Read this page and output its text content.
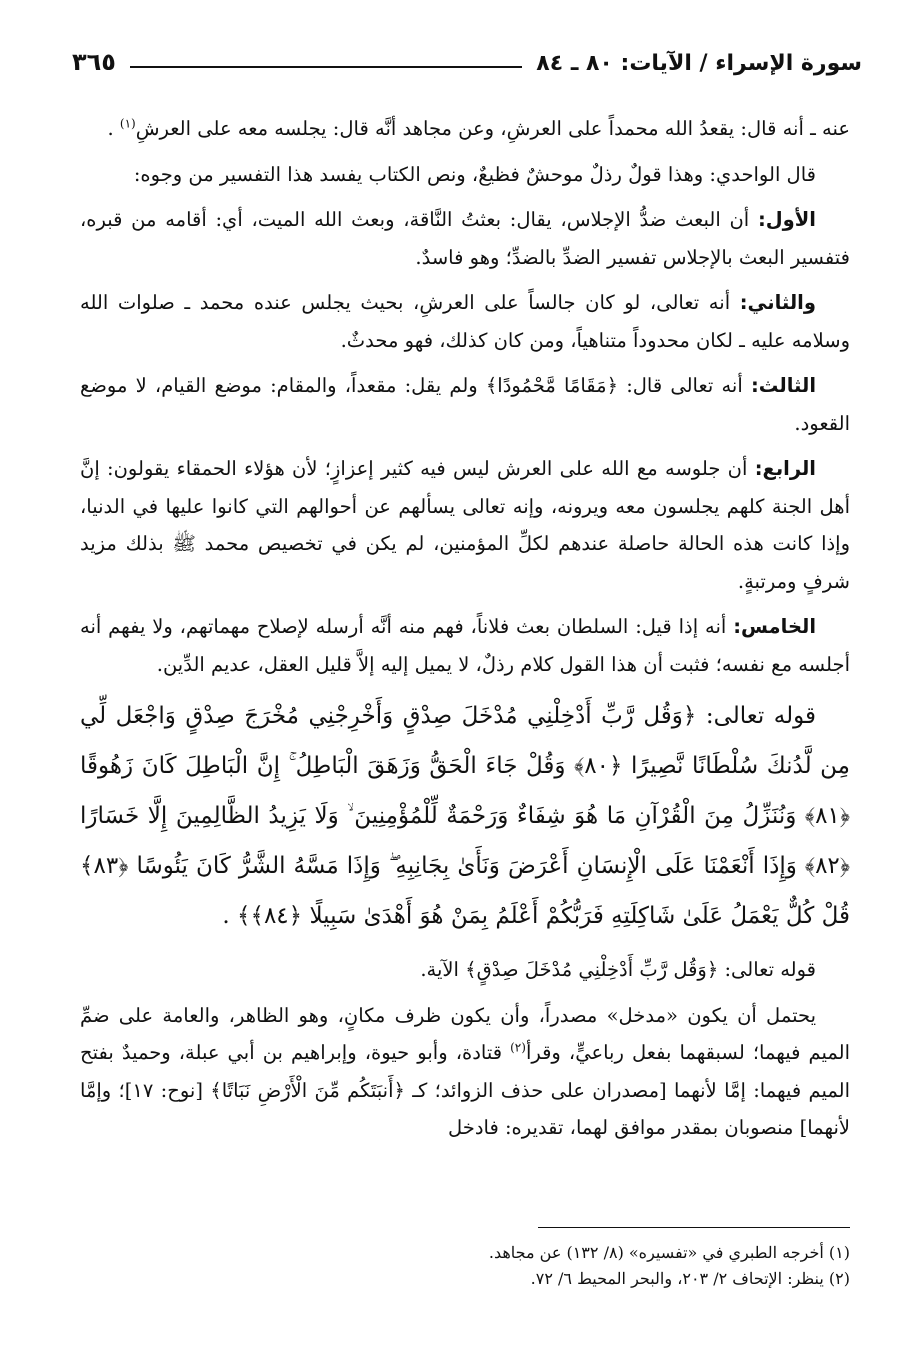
سورة الإسراء / الآيات: ٨٠ ـ ٨٤
٣٦٥

عنه ـ أنه قال: يقعدُ الله محمداً على العرشِ، وعن مجاهد أنَّه قال: يجلسه معه على العرشِ$^{(١)}$ .

قال الواحدي: وهذا قولٌ رذلٌ موحشٌ فظيعٌ، ونص الكتاب يفسد هذا التفسير من وجوه:

الأول: أن البعث ضدُّ الإجلاس، يقال: بعثتُ النَّاقة، وبعث الله الميت، أي: أقامه من قبره، فتفسير البعث بالإجلاس تفسير الضدِّ بالضدِّ؛ وهو فاسدٌ.

والثاني: أنه تعالى، لو كان جالساً على العرشِ، بحيث يجلس عنده محمد ـ صلوات الله وسلامه عليه ـ لكان محدوداً متناهياً، ومن كان كذلك، فهو محدثٌ.

الثالث: أنه تعالى قال: ﴿مَقَامًا مَّحْمُودًا﴾ ولم يقل: مقعداً، والمقام: موضع القيام، لا موضع القعود.

الرابع: أن جلوسه مع الله على العرش ليس فيه كثير إعزازٍ؛ لأن هؤلاء الحمقاء يقولون: إنَّ أهل الجنة كلهم يجلسون معه ويرونه، وإنه تعالى يسألهم عن أحوالهم التي كانوا عليها في الدنيا، وإذا كانت هذه الحالة حاصلة عندهم لكلِّ المؤمنين، لم يكن في تخصيص محمد ﷺ بذلك مزيد شرفٍ ومرتبةٍ.

الخامس: أنه إذا قيل: السلطان بعث فلاناً، فهم منه أنَّه أرسله لإصلاح مهماتهم، ولا يفهم أنه أجلسه مع نفسه؛ فثبت أن هذا القول كلام رذلٌ، لا يميل إليه إلاَّ قليل العقل، عديم الدِّين.

قوله تعالى: ﴿وَقُل رَّبِّ أَدْخِلْنِي مُدْخَلَ صِدْقٍ وَأَخْرِجْنِي مُخْرَجَ صِدْقٍ وَاجْعَل لِّي مِن لَّدُنكَ سُلْطَانًا نَّصِيرًا ﴿٨٠﴾ وَقُلْ جَاءَ الْحَقُّ وَزَهَقَ الْبَاطِلُ ۚ إِنَّ الْبَاطِلَ كَانَ زَهُوقًا ﴿٨١﴾ وَنُنَزِّلُ مِنَ الْقُرْآنِ مَا هُوَ شِفَاءٌ وَرَحْمَةٌ لِّلْمُؤْمِنِينَ ۙ وَلَا يَزِيدُ الظَّالِمِينَ إِلَّا خَسَارًا ﴿٨٢﴾ وَإِذَا أَنْعَمْنَا عَلَى الْإِنسَانِ أَعْرَضَ وَنَأَىٰ بِجَانِبِهِ ۖ وَإِذَا مَسَّهُ الشَّرُّ كَانَ يَئُوسًا ﴿٨٣﴾ قُلْ كُلٌّ يَعْمَلُ عَلَىٰ شَاكِلَتِهِ فَرَبُّكُمْ أَعْلَمُ بِمَنْ هُوَ أَهْدَىٰ سَبِيلًا ﴿٨٤﴾﴾ .

قوله تعالى: ﴿وَقُل رَّبِّ أَدْخِلْنِي مُدْخَلَ صِدْقٍ﴾ الآية.

يحتمل أن يكون «مدخل» مصدراً، وأن يكون ظرف مكانٍ، وهو الظاهر، والعامة على ضمِّ الميم فيهما؛ لسبقهما بفعل رباعيٍّ، وقرأ$^{(٢)}$ قتادة، وأبو حيوة، وإبراهيم بن أبي عبلة، وحميدٌ بفتح الميم فيهما: إمَّا لأنهما [مصدران على حذف الزوائد؛ كـ ﴿أَنبَتَكُم مِّنَ الْأَرْضِ نَبَاتًا﴾ [نوح: ١٧]؛ وإمَّا لأنهما] منصوبان بمقدر موافق لهما، تقديره: فادخل

(١) أخرجه الطبري في «تفسيره» (٨/ ١٣٢) عن مجاهد.

(٢) ينظر: الإتحاف ٢/ ٢٠٣، والبحر المحيط ٦/ ٧٢.
